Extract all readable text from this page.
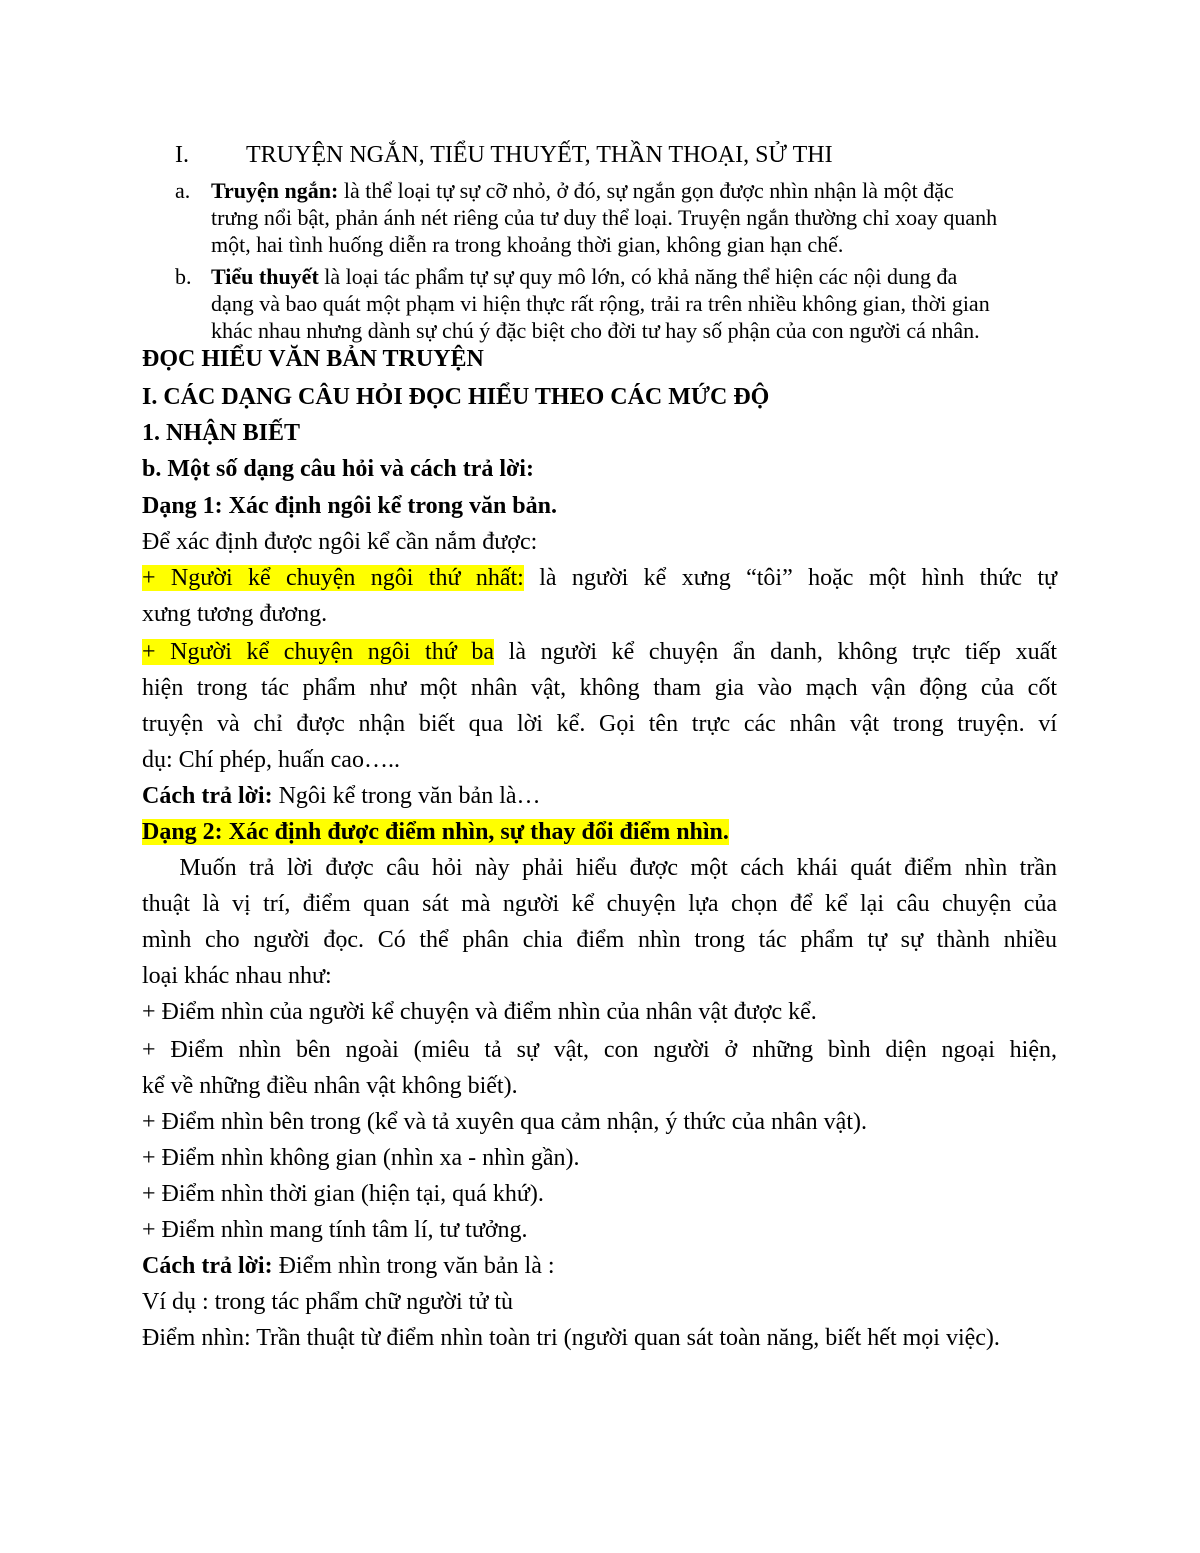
I. TRUYỆN NGẮN, TIỂU THUYẾT, THẦN THOẠI, SỬ THI
a. Truyện ngắn: là thể loại tự sự cỡ nhỏ, ở đó, sự ngắn gọn được nhìn nhận là một đặc
trưng nổi bật, phản ánh nét riêng của tư duy thể loại. Truyện ngắn thường chỉ xoay quanh
một, hai tình huống diễn ra trong khoảng thời gian, không gian hạn chế.
b. Tiểu thuyết là loại tác phẩm tự sự quy mô lớn, có khả năng thể hiện các nội dung đa
dạng và bao quát một phạm vi hiện thực rất rộng, trải ra trên nhiều không gian, thời gian
khác nhau nhưng dành sự chú ý đặc biệt cho đời tư hay số phận của con người cá nhân.
ĐỌC HIỂU VĂN BẢN TRUYỆN
I. CÁC DẠNG CÂU HỎI ĐỌC HIỂU THEO CÁC MỨC ĐỘ
1. NHẬN BIẾT
b. Một số dạng câu hỏi và cách trả lời:
Dạng 1: Xác định ngôi kể trong văn bản.
Để xác định được ngôi kể cần nắm được:
+ Người kể chuyện ngôi thứ nhất: là người kể xưng “tôi” hoặc một hình thức tự
xưng tương đương.
+ Người kể chuyện ngôi thứ ba là người kể chuyện ẩn danh, không trực tiếp xuất
hiện trong tác phẩm như một nhân vật, không tham gia vào mạch vận động của cốt
truyện và chỉ được nhận biết qua lời kể. Gọi tên trực các nhân vật trong truyện. ví
dụ: Chí phép, huấn cao…..
Cách trả lời: Ngôi kể trong văn bản là…
Dạng 2: Xác định được điểm nhìn, sự thay đổi điểm nhìn.
Muốn trả lời được câu hỏi này phải hiểu được một cách khái quát điểm nhìn trần
thuật là vị trí, điểm quan sát mà người kể chuyện lựa chọn để kể lại câu chuyện của
mình cho người đọc. Có thể phân chia điểm nhìn trong tác phẩm tự sự thành nhiều
loại khác nhau như:
+ Điểm nhìn của người kể chuyện và điểm nhìn của nhân vật được kể.
+ Điểm nhìn bên ngoài (miêu tả sự vật, con người ở những bình diện ngoại hiện,
kể về những điều nhân vật không biết).
+ Điểm nhìn bên trong (kể và tả xuyên qua cảm nhận, ý thức của nhân vật).
+ Điểm nhìn không gian (nhìn xa - nhìn gần).
+ Điểm nhìn thời gian (hiện tại, quá khứ).
+ Điểm nhìn mang tính tâm lí, tư tưởng.
Cách trả lời: Điểm nhìn trong văn bản là :
Ví dụ : trong tác phẩm chữ người tử tù
Điểm nhìn: Trần thuật từ điểm nhìn toàn tri (người quan sát toàn năng, biết hết mọi việc).
